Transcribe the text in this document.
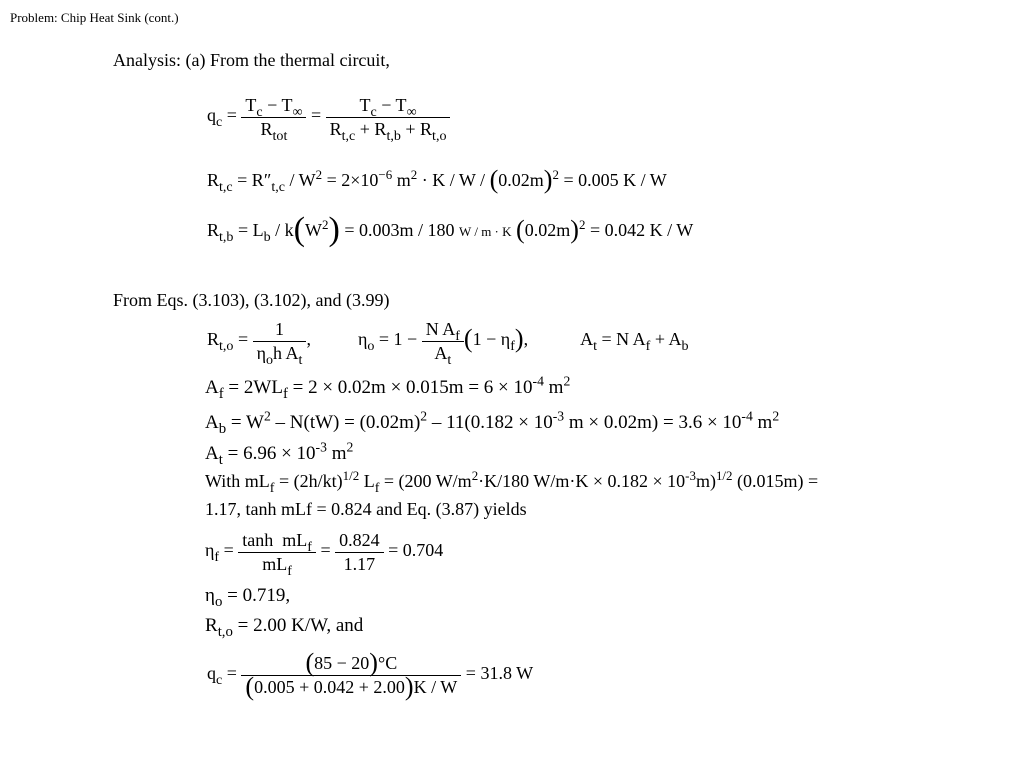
Problem: Chip Heat Sink (cont.)
Analysis: (a) From the thermal circuit,
$q_c = \frac{T_c - T_\infty}{R_{tot}} = \frac{T_c - T_\infty}{R_{t,c} + R_{t,b} + R_{t,o}}$
$R_{t,c} = R''_{t,c} / W^2 = 2\times 10^{-6}$ $m^2 \cdot K / W / (0.02m)^2 = 0.005$ K / W
$R_{t,b} = L_b / k(W^2) = 0.003m / 180$ W / m · K $(0.02m)^2 = 0.042$ K / W
From Eqs. (3.103), (3.102), and (3.99)
$R_{t,o} = \frac{1}{\eta_oh A_t}$ ,  $\eta_o = 1 - \frac{N A_f}{A_t} (1 - \eta_f)$,  $A_t = N$ $A_f + A_b$
$A_f = 2WL_f = 2 \times 0.02m \times 0.015m = 6 \times 10^{-4}$ $m^2$
$A_b = W^2 - N(tW) = (0.02m)^2 - 11(0.182 \times 10^{-3}$ $m \times 0.02m) = 3.6 \times 10^{-4}$ $m^2$
$A_t = 6.96 \times 10^{-3}$ $m^2$
With $mL_f = (2h/kt)^{1/2}$ $L_f = (200$ $W/m^2\cdot K/180$ $W/m\cdot K \times 0.182 \times 10^{-3}m)^{1/2}$ (0.015m) =
1.17, tanh mLf = 0.824 and Eq. (3.87) yields
$\eta_f = \frac{\tanh mL_f}{mL_f} = \frac{0.824}{1.17} = 0.704$
$\eta_o = 0.719$,
$R_{t,o} = 2.00$ K/W, and
$q_c = \frac{(85 - 20)^\circ C}{(0.005 + 0.042 + 2.00)K / W} = 31.8$ W
